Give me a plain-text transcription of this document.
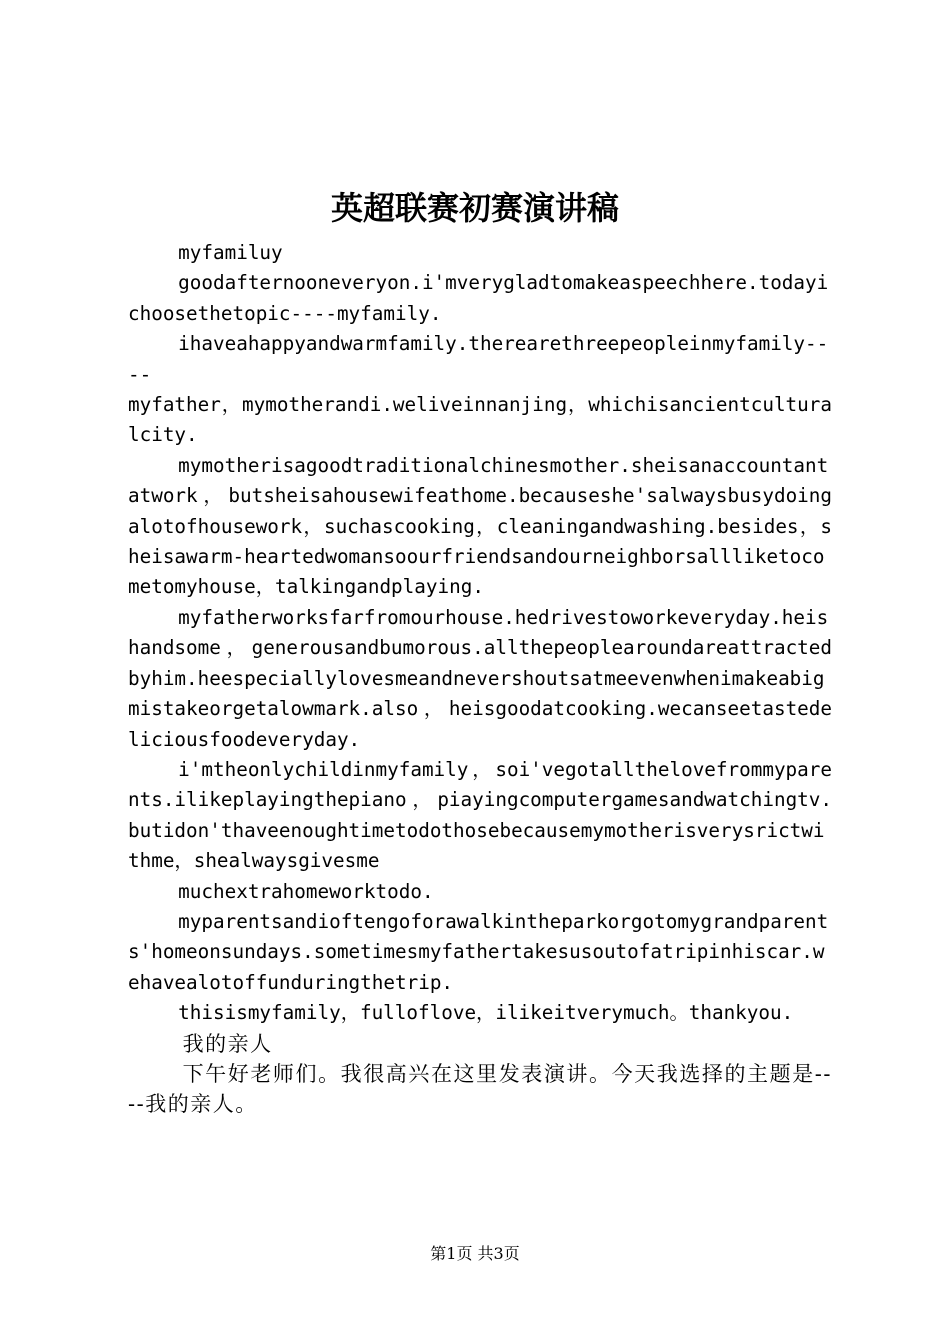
英超联赛初赛演讲稿

myfamiluy

goodafternooneveryon.i'mverygladtomakeaspeechhere.todayichoosethetopic----myfamily.

ihaveahappyandwarmfamily.therearethreepeopleinmyfamily----

myfather，mymotherandi.weliveinnanjing，whichisancientculturalcity.

mymotherisagoodtraditionalchinesmother.sheisanaccountantatwork，butsheisahousewifeathome.becauseshe'salwaysbusydoingalotofhousework，suchascooking，cleaningandwashing.besides，sheisawarm-heartedwomansoourfriendsandourneighborsallliketocometomyhouse，talkingandplaying.

myfatherworksfarfromourhouse.hedrivestoworkeveryday.heishandsome，generousandbumorous.allthepeoplearoundareattractedbyhim.heespeciallylovesmeandnevershoutsatmeevenwhenimakeabigmistakeorgetalowmark.also，heisgoodatcooking.wecanseetastedeliciousfoodeveryday.

i'mtheonlychildinmyfamily，soi'vegotallthelovefrommyparents.ilikeplayingthepiano，piayingcomputergamesandwatchingtv.butidon'thaveenoughtimetodothosebecausemymotherisverysrictwithme，shealwaysgivesme

muchextrahomeworktodo.

myparentsandioftengoforawalkintheparkorgotomygrandparents'homeonsundays.sometimesmyfathertakesusoutofatripinhiscar.wehavealotoffunduringthetrip.

thisismyfamily，fulloflove，ilikeitverymuch。thankyou.

我的亲人

下午好老师们。我很高兴在这里发表演讲。今天我选择的主题是----我的亲人。

第1页 共3页
